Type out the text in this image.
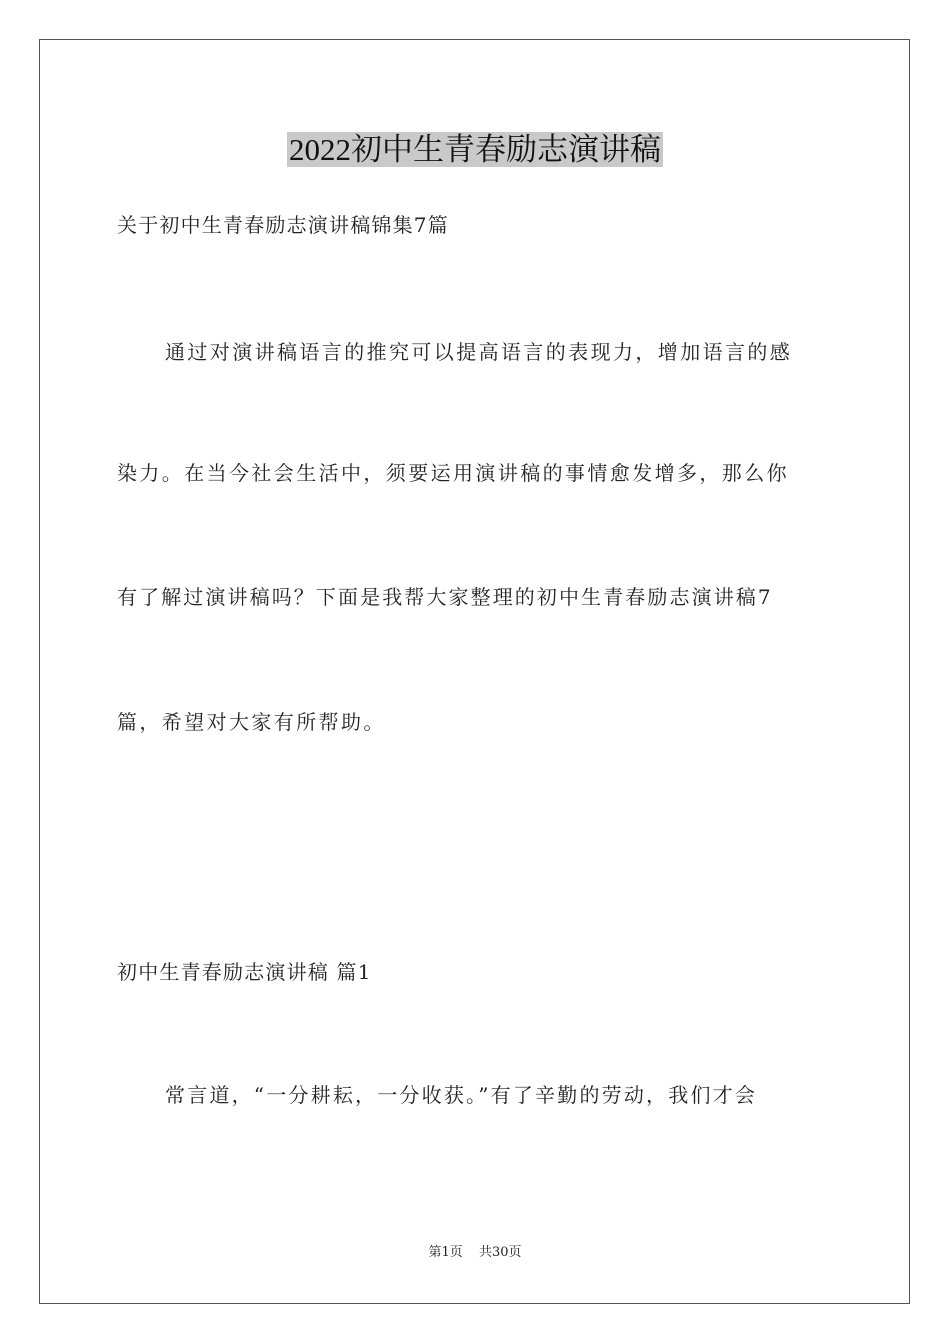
2022初中生青春励志演讲稿
关于初中生青春励志演讲稿锦集7篇
通过对演讲稿语言的推究可以提高语言的表现力，增加语言的感
染力。在当今社会生活中，须要运用演讲稿的事情愈发增多，那么你
有了解过演讲稿吗？下面是我帮大家整理的初中生青春励志演讲稿7
篇，希望对大家有所帮助。
初中生青春励志演讲稿 篇1
常言道，“一分耕耘，一分收获。”有了辛勤的劳动，我们才会
第1页 共30页
